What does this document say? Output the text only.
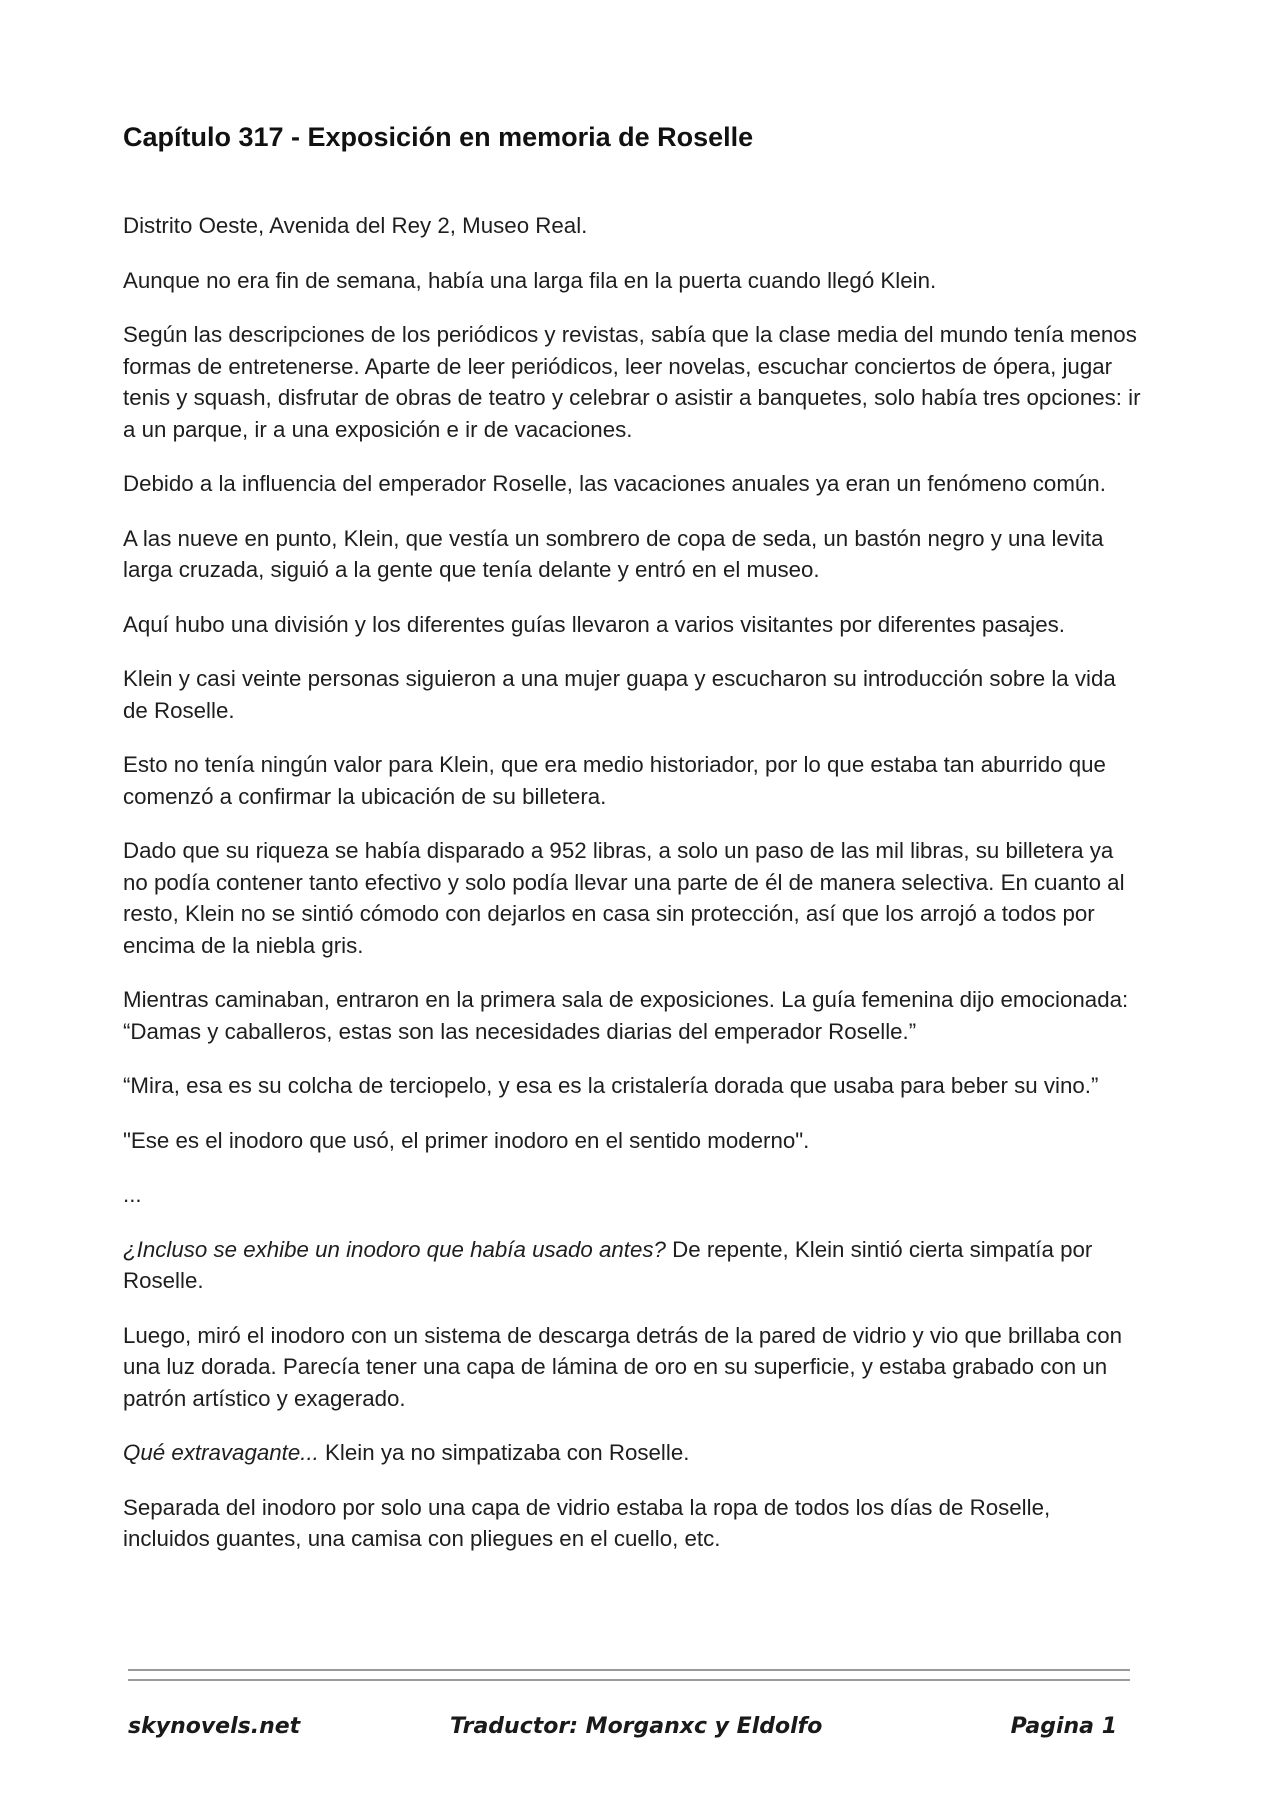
Capítulo 317 - Exposición en memoria de Roselle

Distrito Oeste, Avenida del Rey 2, Museo Real.

Aunque no era fin de semana, había una larga fila en la puerta cuando llegó Klein.

Según las descripciones de los periódicos y revistas, sabía que la clase media del mundo tenía menos formas de entretenerse. Aparte de leer periódicos, leer novelas, escuchar conciertos de ópera, jugar tenis y squash, disfrutar de obras de teatro y celebrar o asistir a banquetes, solo había tres opciones: ir a un parque, ir a una exposición e ir de vacaciones.

Debido a la influencia del emperador Roselle, las vacaciones anuales ya eran un fenómeno común.

A las nueve en punto, Klein, que vestía un sombrero de copa de seda, un bastón negro y una levita larga cruzada, siguió a la gente que tenía delante y entró en el museo.

Aquí hubo una división y los diferentes guías llevaron a varios visitantes por diferentes pasajes.

Klein y casi veinte personas siguieron a una mujer guapa y escucharon su introducción sobre la vida de Roselle.

Esto no tenía ningún valor para Klein, que era medio historiador, por lo que estaba tan aburrido que comenzó a confirmar la ubicación de su billetera.

Dado que su riqueza se había disparado a 952 libras, a solo un paso de las mil libras, su billetera ya no podía contener tanto efectivo y solo podía llevar una parte de él de manera selectiva. En cuanto al resto, Klein no se sintió cómodo con dejarlos en casa sin protección, así que los arrojó a todos por encima de la niebla gris.

Mientras caminaban, entraron en la primera sala de exposiciones. La guía femenina dijo emocionada: “Damas y caballeros, estas son las necesidades diarias del emperador Roselle.”

“Mira, esa es su colcha de terciopelo, y esa es la cristalería dorada que usaba para beber su vino.”

"Ese es el inodoro que usó, el primer inodoro en el sentido moderno".

...

¿Incluso se exhibe un inodoro que había usado antes? De repente, Klein sintió cierta simpatía por Roselle.

Luego, miró el inodoro con un sistema de descarga detrás de la pared de vidrio y vio que brillaba con una luz dorada. Parecía tener una capa de lámina de oro en su superficie, y estaba grabado con un patrón artístico y exagerado.

Qué extravagante... Klein ya no simpatizaba con Roselle.

Separada del inodoro por solo una capa de vidrio estaba la ropa de todos los días de Roselle, incluidos guantes, una camisa con pliegues en el cuello, etc.

skynovels.net	Traductor: Morganxc y Eldolfo	Pagina 1
